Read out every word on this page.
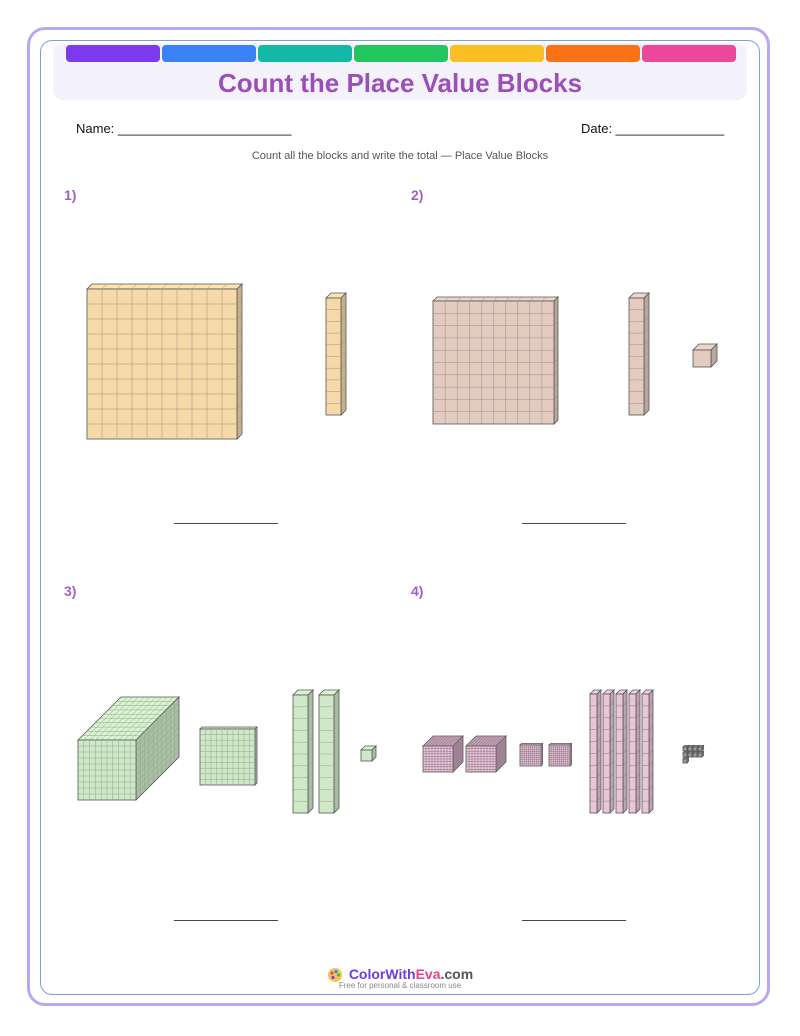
Count the Place Value Blocks
Name: ________________________	Date: _______________
Count all the blocks and write the total — Place Value Blocks
1)	2)
3)	4)
ColorWithEva.com
Free for personal & classroom use
